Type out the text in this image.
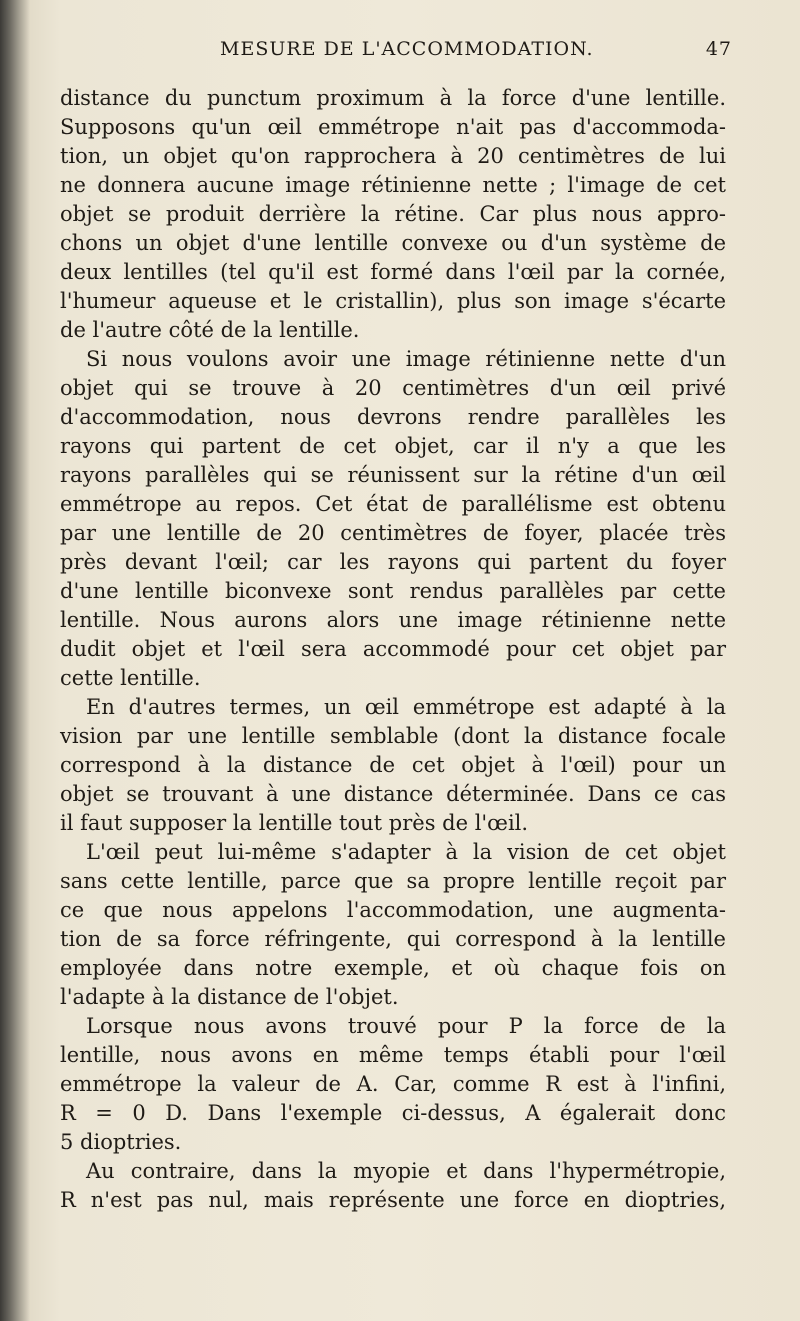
MESURE DE L'ACCOMMODATION.	47
distance du punctum proximum à la force d'une lentille.
Supposons qu'un œil emmétrope n'ait pas d'accommoda-
tion, un objet qu'on rapprochera à 20 centimètres de lui
ne donnera aucune image rétinienne nette ; l'image de cet
objet se produit derrière la rétine. Car plus nous appro-
chons un objet d'une lentille convexe ou d'un système de
deux lentilles (tel qu'il est formé dans l'œil par la cornée,
l'humeur aqueuse et le cristallin), plus son image s'écarte
de l'autre côté de la lentille.
Si nous voulons avoir une image rétinienne nette d'un
objet qui se trouve à 20 centimètres d'un œil privé
d'accommodation, nous devrons rendre parallèles les
rayons qui partent de cet objet, car il n'y a que les
rayons parallèles qui se réunissent sur la rétine d'un œil
emmétrope au repos. Cet état de parallélisme est obtenu
par une lentille de 20 centimètres de foyer, placée très
près devant l'œil; car les rayons qui partent du foyer
d'une lentille biconvexe sont rendus parallèles par cette
lentille. Nous aurons alors une image rétinienne nette
dudit objet et l'œil sera accommodé pour cet objet par
cette lentille.
En d'autres termes, un œil emmétrope est adapté à la
vision par une lentille semblable (dont la distance focale
correspond à la distance de cet objet à l'œil) pour un
objet se trouvant à une distance déterminée. Dans ce cas
il faut supposer la lentille tout près de l'œil.
L'œil peut lui-même s'adapter à la vision de cet objet
sans cette lentille, parce que sa propre lentille reçoit par
ce que nous appelons l'accommodation, une augmenta-
tion de sa force réfringente, qui correspond à la lentille
employée dans notre exemple, et où chaque fois on
l'adapte à la distance de l'objet.
Lorsque nous avons trouvé pour P la force de la
lentille, nous avons en même temps établi pour l'œil
emmétrope la valeur de A. Car, comme R est à l'infini,
R = 0 D. Dans l'exemple ci-dessus, A égalerait donc
5 dioptries.
Au contraire, dans la myopie et dans l'hypermétropie,
R n'est pas nul, mais représente une force en dioptries,
